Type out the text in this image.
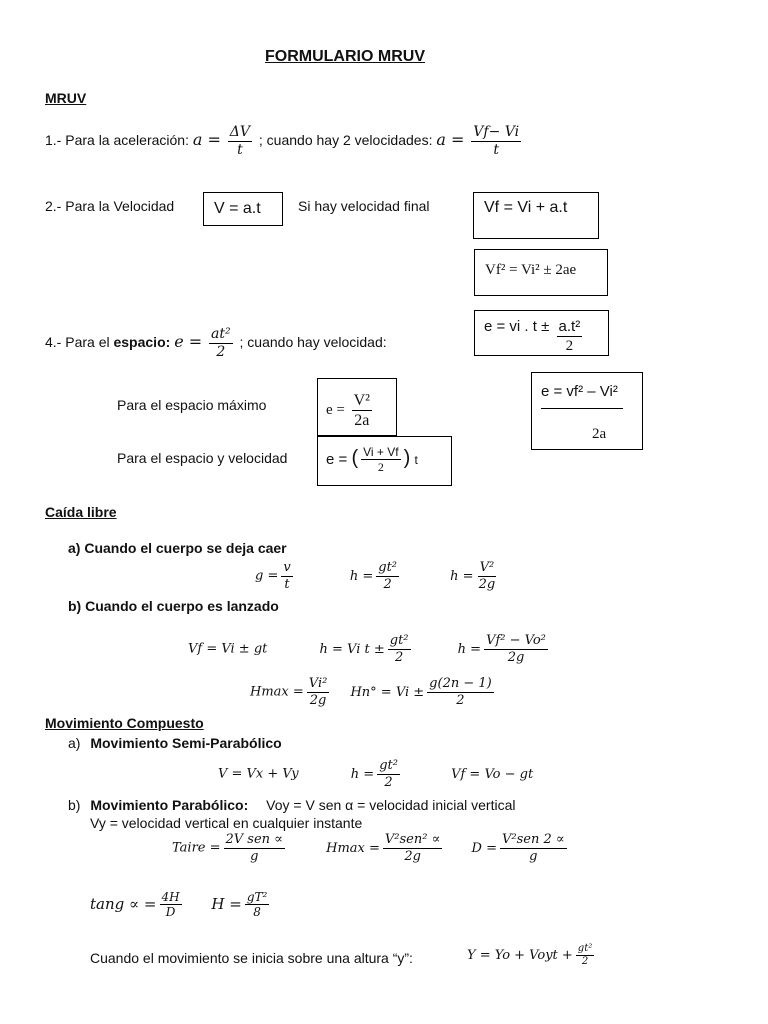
FORMULARIO MRUV
MRUV
1.- Para la aceleración: $a = \frac{\Delta V}{t}$ ; cuando hay 2 velocidades: $a = \frac{Vf- Vi}{t}$
2.- Para la Velocidad V = a.t	Si hay velocidad final	Vf = Vi + a.t
Vf² = Vi² ± 2ae
4.- Para el espacio: $e = \frac{\text{at²}}{2}$ ; cuando hay velocidad:
e = vi . $t \pm \frac{\text{a.t²}}{2}$
Para el espacio máximo	$e = \frac{\text{V²}}{2a}$
Para el espacio y velocidad	e = ( $\frac{Vi + Vf}{2}$ ) t
e = vf² – Vi²
2a
Caída libre
a) Cuando el cuerpo se deja caer
$g = \frac{v}{t}$	$h = \frac{\text{gt²}}{2}$	$h = \frac{\text{V²}}{2g}$
b) Cuando el cuerpo es lanzado
Vf = Vi ± gt	h = Vi $t \pm \frac{\text{gt²}}{2}$	$h = \frac{\text{Vf² − Vo²}}{2g}$
$Hmax = \frac{\text{Vi²}}{2g} Hn^\circ = Vi \pm \frac{g(2n - 1)}{2}$
Movimiento Compuesto
a) Movimiento Semi-Parabólico
V = Vx + Vy	$h = \frac{\text{gt²}}{2}$	Vf = Vo − gt
b) Movimiento Parabólico: Voy = V sen α = velocidad inicial vertical
Vy = velocidad vertical en cualquier instante
Taire = $\frac{\text{2V sen ∝}}{g}$	$Hmax = \frac{\text{V²sen² ∝}}{2g}$ $D = \frac{\text{V²sen 2 ∝}}{g}$
tang ∝ = $\frac{4H}{D}$ $H = \frac{\text{gT²}}{8}$
Cuando el movimiento se inicia sobre una altura “y”:	Y = Yo + Voyt + $\frac{\text{gt²}}{2}$
